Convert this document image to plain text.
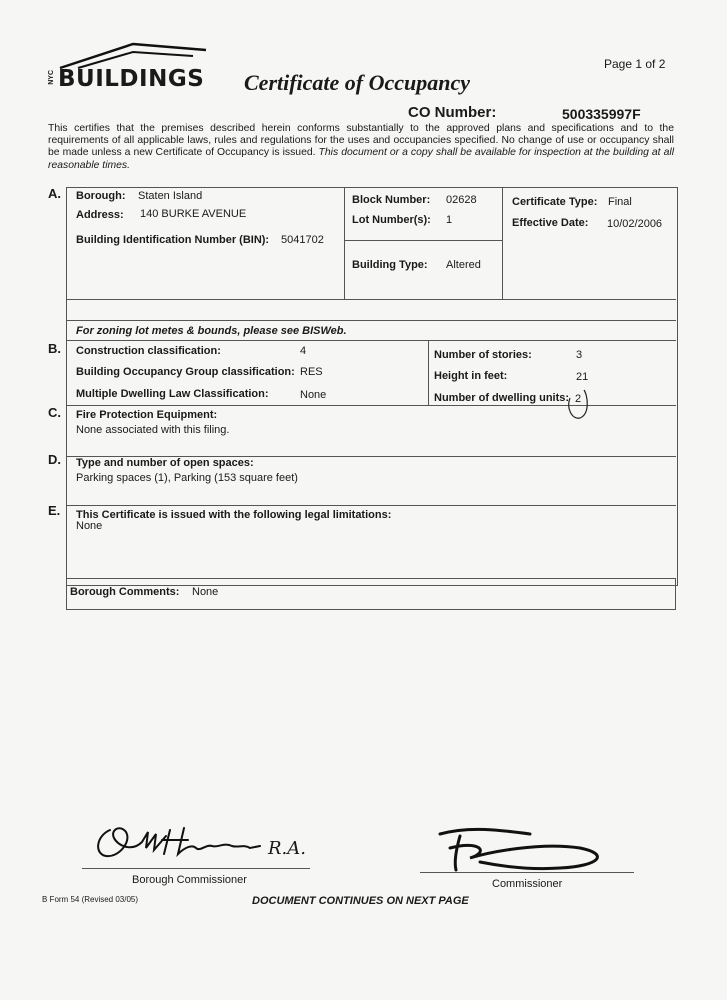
NYC BUILDINGS Certificate of Occupancy
Page 1 of 2
CO Number:	500335997F
This certifies that the premises described herein conforms substantially to the approved plans and specifications and to the requirements of all applicable laws, rules and regulations for the uses and occupancies specified. No change of use or occupancy shall be made unless a new Certificate of Occupancy is issued. This document or a copy shall be available for inspection at the building at all reasonable times.
A.
B.
C.
D.
E.
Borough: Staten Island
Address: 140 BURKE AVENUE
Building Identification Number (BIN): 5041702
Block Number: 02628
Lot Number(s): 1
Building Type: Altered
Certificate Type: Final
Effective Date: 10/02/2006
For zoning lot metes & bounds, please see BISWeb.
Construction classification:	4
Building Occupancy Group classification: RES
Multiple Dwelling Law Classification:	None
Number of stories:	3
Height in feet:	21
Number of dwelling units: 2
Fire Protection Equipment:
None associated with this filing.
Type and number of open spaces:
Parking spaces (1), Parking (153 square feet)
This Certificate is issued with the following legal limitations:
None
Borough Comments: None
R.A.
Borough Commissioner	Commissioner
B Form 54 (Revised 03/05)	DOCUMENT CONTINUES ON NEXT PAGE
